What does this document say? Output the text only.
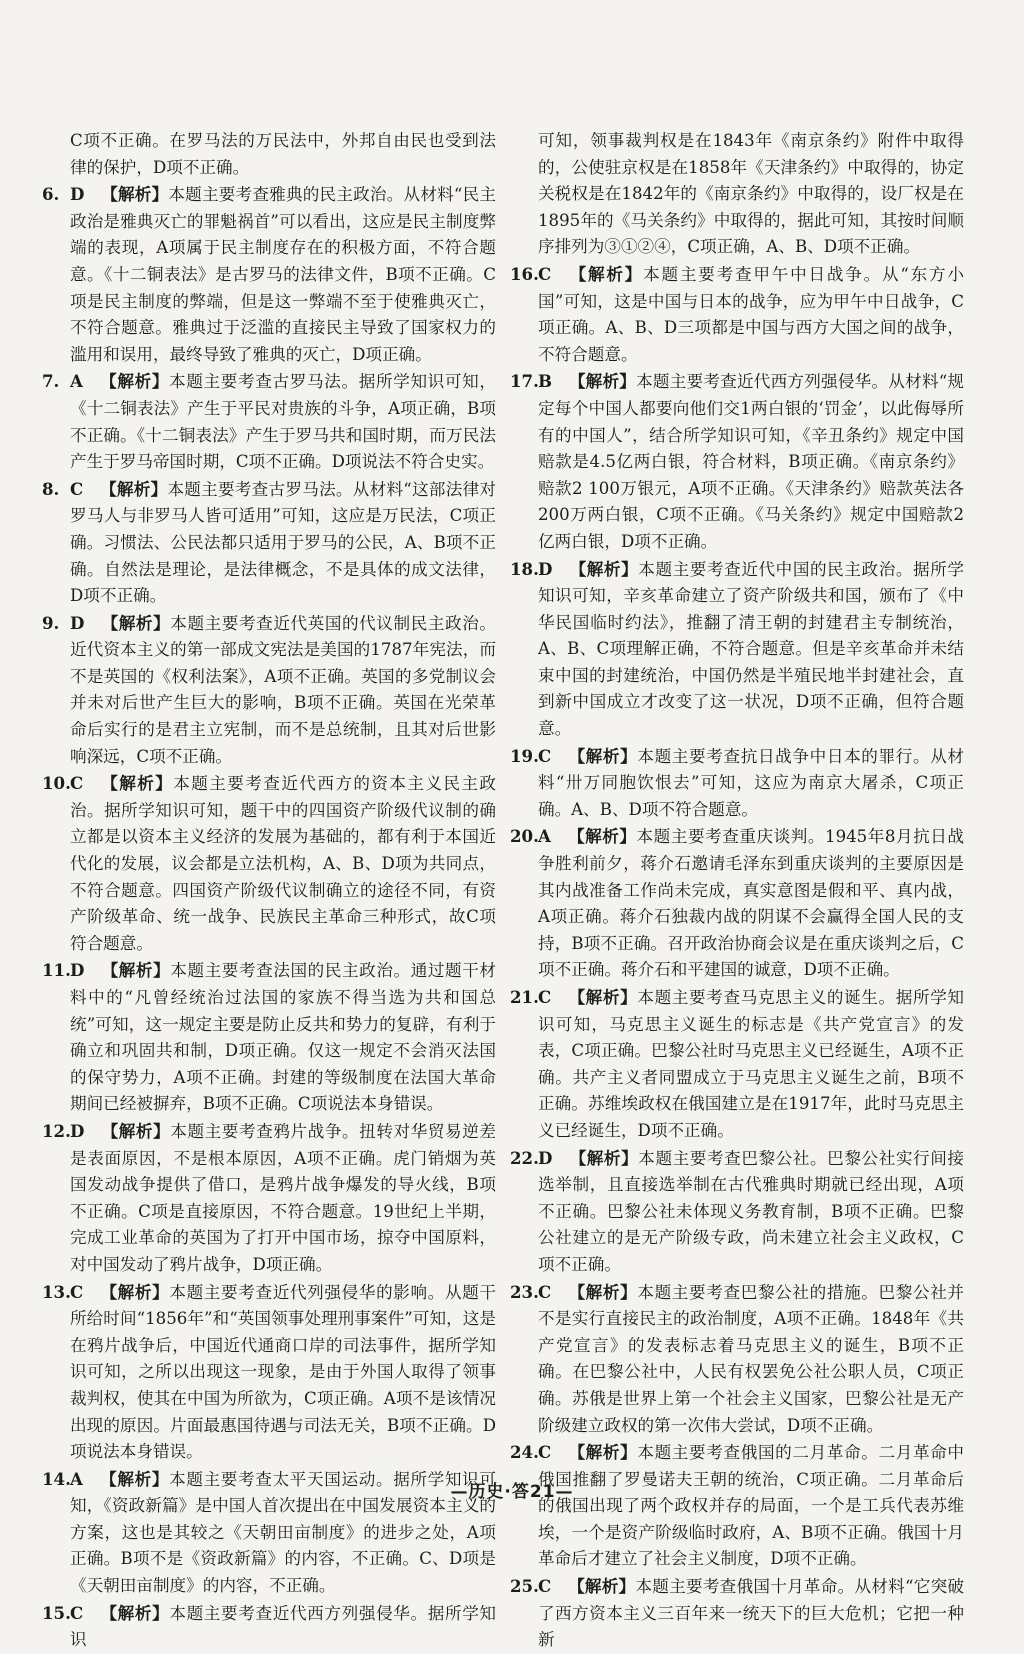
C项不正确。在罗马法的万民法中，外邦自由民也受到法律的保护，D项不正确。

6. D  【解析】本题主要考查雅典的民主政治。从材料“民主政治是雅典灭亡的罪魁祸首”可以看出，这应是民主制度弊端的表现，A项属于民主制度存在的积极方面，不符合题意。《十二铜表法》是古罗马的法律文件，B项不正确。C项是民主制度的弊端，但是这一弊端不至于使雅典灭亡，不符合题意。雅典过于泛滥的直接民主导致了国家权力的滥用和误用，最终导致了雅典的灭亡，D项正确。

7. A  【解析】本题主要考查古罗马法。据所学知识可知，《十二铜表法》产生于平民对贵族的斗争，A项正确，B项不正确。《十二铜表法》产生于罗马共和国时期，而万民法产生于罗马帝国时期，C项不正确。D项说法不符合史实。

8. C  【解析】本题主要考查古罗马法。从材料“这部法律对罗马人与非罗马人皆可适用”可知，这应是万民法，C项正确。习惯法、公民法都只适用于罗马的公民，A、B项不正确。自然法是理论，是法律概念，不是具体的成文法律，D项不正确。

9. D  【解析】本题主要考查近代英国的代议制民主政治。近代资本主义的第一部成文宪法是美国的1787年宪法，而不是英国的《权利法案》，A项不正确。英国的多党制议会并未对后世产生巨大的影响，B项不正确。英国在光荣革命后实行的是君主立宪制，而不是总统制，且其对后世影响深远，C项不正确。

10.C  【解析】本题主要考查近代西方的资本主义民主政治。据所学知识可知，题干中的四国资产阶级代议制的确立都是以资本主义经济的发展为基础的，都有利于本国近代化的发展，议会都是立法机构，A、B、D项为共同点，不符合题意。四国资产阶级代议制确立的途径不同，有资产阶级革命、统一战争、民族民主革命三种形式，故C项符合题意。

11.D  【解析】本题主要考查法国的民主政治。通过题干材料中的“凡曾经统治过法国的家族不得当选为共和国总统”可知，这一规定主要是防止反共和势力的复辟，有利于确立和巩固共和制，D项正确。仅这一规定不会消灭法国的保守势力，A项不正确。封建的等级制度在法国大革命期间已经被摒弃，B项不正确。C项说法本身错误。

12.D  【解析】本题主要考查鸦片战争。扭转对华贸易逆差是表面原因，不是根本原因，A项不正确。虎门销烟为英国发动战争提供了借口，是鸦片战争爆发的导火线，B项不正确。C项是直接原因，不符合题意。19世纪上半期，完成工业革命的英国为了打开中国市场，掠夺中国原料，对中国发动了鸦片战争，D项正确。

13.C  【解析】本题主要考查近代列强侵华的影响。从题干所给时间“1856年”和“英国领事处理刑事案件”可知，这是在鸦片战争后，中国近代通商口岸的司法事件，据所学知识可知，之所以出现这一现象，是由于外国人取得了领事裁判权，使其在中国为所欲为，C项正确。A项不是该情况出现的原因。片面最惠国待遇与司法无关，B项不正确。D项说法本身错误。

14.A  【解析】本题主要考查太平天国运动。据所学知识可知，《资政新篇》是中国人首次提出在中国发展资本主义的方案，这也是其较之《天朝田亩制度》的进步之处，A项正确。B项不是《资政新篇》的内容，不正确。C、D项是《天朝田亩制度》的内容，不正确。

15.C  【解析】本题主要考查近代西方列强侵华。据所学知识

可知，领事裁判权是在1843年《南京条约》附件中取得的，公使驻京权是在1858年《天津条约》中取得的，协定关税权是在1842年的《南京条约》中取得的，设厂权是在1895年的《马关条约》中取得的，据此可知，其按时间顺序排列为③①②④，C项正确，A、B、D项不正确。

16.C  【解析】本题主要考查甲午中日战争。从“东方小国”可知，这是中国与日本的战争，应为甲午中日战争，C项正确。A、B、D三项都是中国与西方大国之间的战争，不符合题意。

17.B  【解析】本题主要考查近代西方列强侵华。从材料“规定每个中国人都要向他们交1两白银的‘罚金’，以此侮辱所有的中国人”，结合所学知识可知，《辛丑条约》规定中国赔款是4.5亿两白银，符合材料，B项正确。《南京条约》赔款2 100万银元，A项不正确。《天津条约》赔款英法各200万两白银，C项不正确。《马关条约》规定中国赔款2亿两白银，D项不正确。

18.D  【解析】本题主要考查近代中国的民主政治。据所学知识可知，辛亥革命建立了资产阶级共和国，颁布了《中华民国临时约法》，推翻了清王朝的封建君主专制统治，A、B、C项理解正确，不符合题意。但是辛亥革命并未结束中国的封建统治，中国仍然是半殖民地半封建社会，直到新中国成立才改变了这一状况，D项不正确，但符合题意。

19.C  【解析】本题主要考查抗日战争中日本的罪行。从材料“卅万同胞饮恨去”可知，这应为南京大屠杀，C项正确。A、B、D项不符合题意。

20.A  【解析】本题主要考查重庆谈判。1945年8月抗日战争胜利前夕，蒋介石邀请毛泽东到重庆谈判的主要原因是其内战准备工作尚未完成，真实意图是假和平、真内战，A项正确。蒋介石独裁内战的阴谋不会赢得全国人民的支持，B项不正确。召开政治协商会议是在重庆谈判之后，C项不正确。蒋介石和平建国的诚意，D项不正确。

21.C  【解析】本题主要考查马克思主义的诞生。据所学知识可知，马克思主义诞生的标志是《共产党宣言》的发表，C项正确。巴黎公社时马克思主义已经诞生，A项不正确。共产主义者同盟成立于马克思主义诞生之前，B项不正确。苏维埃政权在俄国建立是在1917年，此时马克思主义已经诞生，D项不正确。

22.D  【解析】本题主要考查巴黎公社。巴黎公社实行间接选举制，且直接选举制在古代雅典时期就已经出现，A项不正确。巴黎公社未体现义务教育制，B项不正确。巴黎公社建立的是无产阶级专政，尚未建立社会主义政权，C项不正确。

23.C  【解析】本题主要考查巴黎公社的措施。巴黎公社并不是实行直接民主的政治制度，A项不正确。1848年《共产党宣言》的发表标志着马克思主义的诞生，B项不正确。在巴黎公社中，人民有权罢免公社公职人员，C项正确。苏俄是世界上第一个社会主义国家，巴黎公社是无产阶级建立政权的第一次伟大尝试，D项不正确。

24.C  【解析】本题主要考查俄国的二月革命。二月革命中俄国推翻了罗曼诺夫王朝的统治，C项正确。二月革命后的俄国出现了两个政权并存的局面，一个是工兵代表苏维埃，一个是资产阶级临时政府，A、B项不正确。俄国十月革命后才建立了社会主义制度，D项不正确。

25.C  【解析】本题主要考查俄国十月革命。从材料“它突破了西方资本主义三百年来一统天下的巨大危机；它把一种新

—历史·答21—
